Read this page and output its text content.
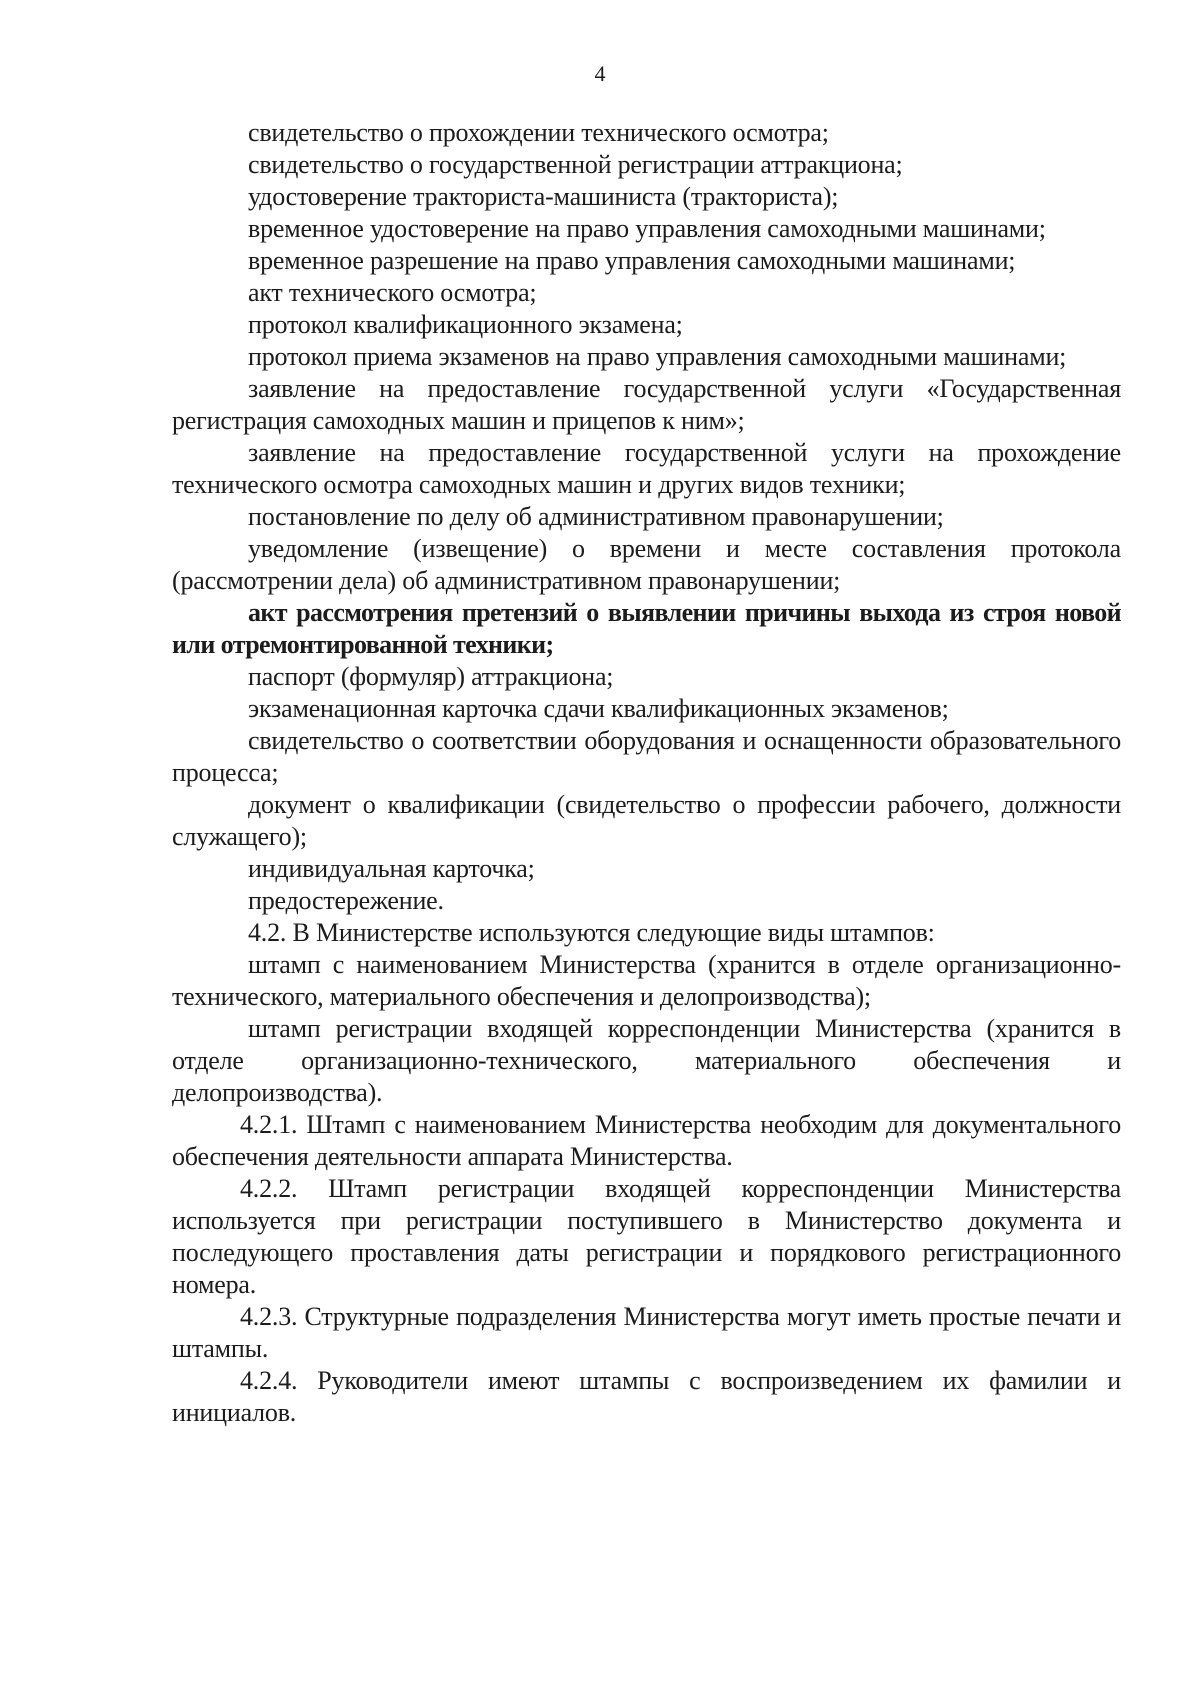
4

свидетельство о прохождении технического осмотра;

свидетельство о государственной регистрации аттракциона;

удостоверение тракториста-машиниста (тракториста);

временное удостоверение на право управления самоходными машинами;

временное разрешение на право управления самоходными машинами;

акт технического осмотра;

протокол квалификационного экзамена;

протокол приема экзаменов на право управления самоходными машинами;

заявление на предоставление государственной услуги «Государственная регистрация самоходных машин и прицепов к ним»;

заявление на предоставление государственной услуги на прохождение технического осмотра самоходных машин и других видов техники;

постановление по делу об административном правонарушении;

уведомление (извещение) о времени и месте составления протокола (рассмотрении дела) об административном правонарушении;

акт рассмотрения претензий о выявлении причины выхода из строя новой или отремонтированной техники;

паспорт (формуляр) аттракциона;

экзаменационная карточка сдачи квалификационных экзаменов;

свидетельство о соответствии оборудования и оснащенности образовательного процесса;

документ о квалификации (свидетельство о профессии рабочего, должности служащего);

индивидуальная карточка;

предостережение.

4.2. В Министерстве используются следующие виды штампов:

штамп с наименованием Министерства (хранится в отделе организационно-технического, материального обеспечения и делопроизводства);

штамп регистрации входящей корреспонденции Министерства (хранится в отделе организационно-технического, материального обеспечения и делопроизводства).

4.2.1. Штамп с наименованием Министерства необходим для документального обеспечения деятельности аппарата Министерства.

4.2.2. Штамп регистрации входящей корреспонденции Министерства используется при регистрации поступившего в Министерство документа и последующего проставления даты регистрации и порядкового регистрационного номера.

4.2.3. Структурные подразделения Министерства могут иметь простые печати и штампы.

4.2.4. Руководители имеют штампы с воспроизведением их фамилии и инициалов.
